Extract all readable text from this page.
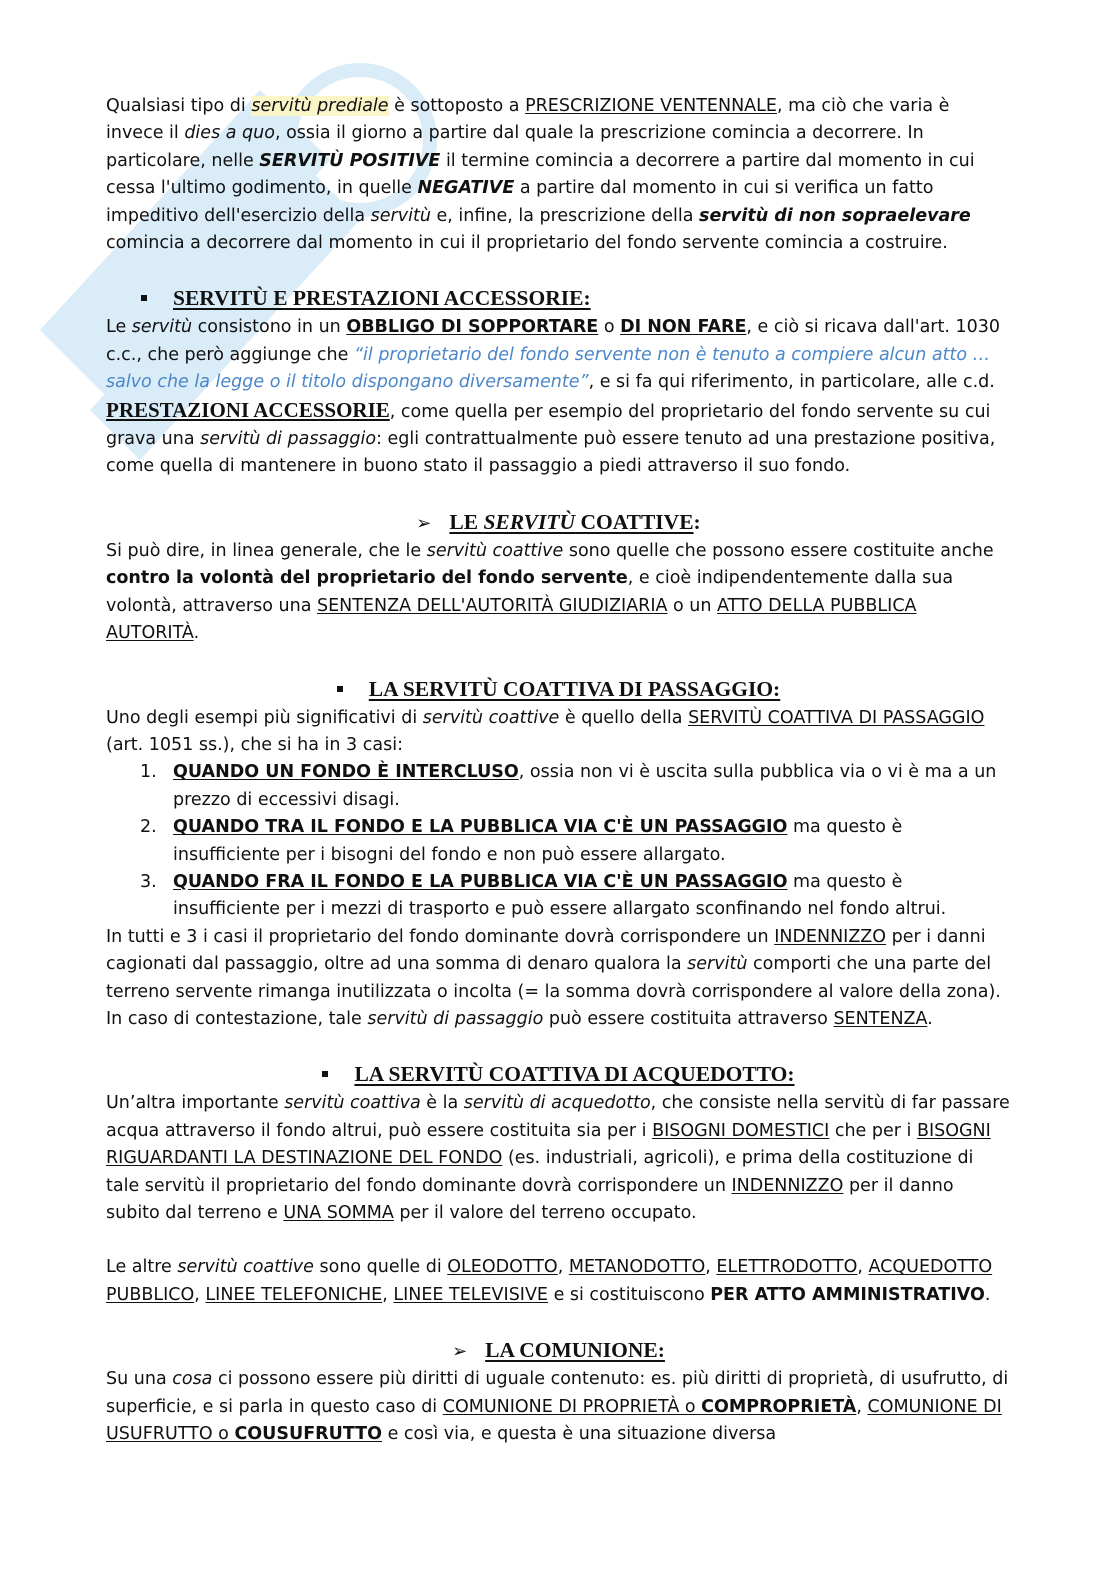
Qualsiasi tipo di servitù prediale è sottoposto a PRESCRIZIONE VENTENNALE, ma ciò che varia è invece il dies a quo, ossia il giorno a partire dal quale la prescrizione comincia a decorrere. In particolare, nelle SERVITÙ POSITIVE il termine comincia a decorrere a partire dal momento in cui cessa l'ultimo godimento, in quelle NEGATIVE a partire dal momento in cui si verifica un fatto impeditivo dell'esercizio della servitù e, infine, la prescrizione della servitù di non sopraelevare comincia a decorrere dal momento in cui il proprietario del fondo servente comincia a costruire.

SERVITÙ E PRESTAZIONI ACCESSORIE:

Le servitù consistono in un OBBLIGO DI SOPPORTARE o DI NON FARE, e ciò si ricava dall'art. 1030 c.c., che però aggiunge che “il proprietario del fondo servente non è tenuto a compiere alcun atto … salvo che la legge o il titolo dispongano diversamente”, e si fa qui riferimento, in particolare, alle c.d. PRESTAZIONI ACCESSORIE, come quella per esempio del proprietario del fondo servente su cui grava una servitù di passaggio: egli contrattualmente può essere tenuto ad una prestazione positiva, come quella di mantenere in buono stato il passaggio a piedi attraverso il suo fondo.

➢ LE SERVITÙ COATTIVE:

Si può dire, in linea generale, che le servitù coattive sono quelle che possono essere costituite anche contro la volontà del proprietario del fondo servente, e cioè indipendentemente dalla sua volontà, attraverso una SENTENZA DELL'AUTORITÀ GIUDIZIARIA o un ATTO DELLA PUBBLICA AUTORITÀ.

LA SERVITÙ COATTIVA DI PASSAGGIO:

Uno degli esempi più significativi di servitù coattive è quello della SERVITÙ COATTIVA DI PASSAGGIO (art. 1051 ss.), che si ha in 3 casi:

1. QUANDO UN FONDO È INTERCLUSO, ossia non vi è uscita sulla pubblica via o vi è ma a un prezzo di eccessivi disagi.
2. QUANDO TRA IL FONDO E LA PUBBLICA VIA C'È UN PASSAGGIO ma questo è insufficiente per i bisogni del fondo e non può essere allargato.
3. QUANDO FRA IL FONDO E LA PUBBLICA VIA C'È UN PASSAGGIO ma questo è insufficiente per i mezzi di trasporto e può essere allargato sconfinando nel fondo altrui.

In tutti e 3 i casi il proprietario del fondo dominante dovrà corrispondere un INDENNIZZO per i danni cagionati dal passaggio, oltre ad una somma di denaro qualora la servitù comporti che una parte del terreno servente rimanga inutilizzata o incolta (= la somma dovrà corrispondere al valore della zona). In caso di contestazione, tale servitù di passaggio può essere costituita attraverso SENTENZA.

LA SERVITÙ COATTIVA DI ACQUEDOTTO:

Un’altra importante servitù coattiva è la servitù di acquedotto, che consiste nella servitù di far passare acqua attraverso il fondo altrui, può essere costituita sia per i BISOGNI DOMESTICI che per i BISOGNI RIGUARDANTI LA DESTINAZIONE DEL FONDO (es. industriali, agricoli), e prima della costituzione di tale servitù il proprietario del fondo dominante dovrà corrispondere un INDENNIZZO per il danno subito dal terreno e UNA SOMMA per il valore del terreno occupato.

Le altre servitù coattive sono quelle di OLEODOTTO, METANODOTTO, ELETTRODOTTO, ACQUEDOTTO PUBBLICO, LINEE TELEFONICHE, LINEE TELEVISIVE e si costituiscono PER ATTO AMMINISTRATIVO.

➢ LA COMUNIONE:

Su una cosa ci possono essere più diritti di uguale contenuto: es. più diritti di proprietà, di usufrutto, di superficie, e si parla in questo caso di COMUNIONE DI PROPRIETÀ o COMPROPRIETÀ, COMUNIONE DI USUFRUTTO o COUSUFRUTTO e così via, e questa è una situazione diversa
